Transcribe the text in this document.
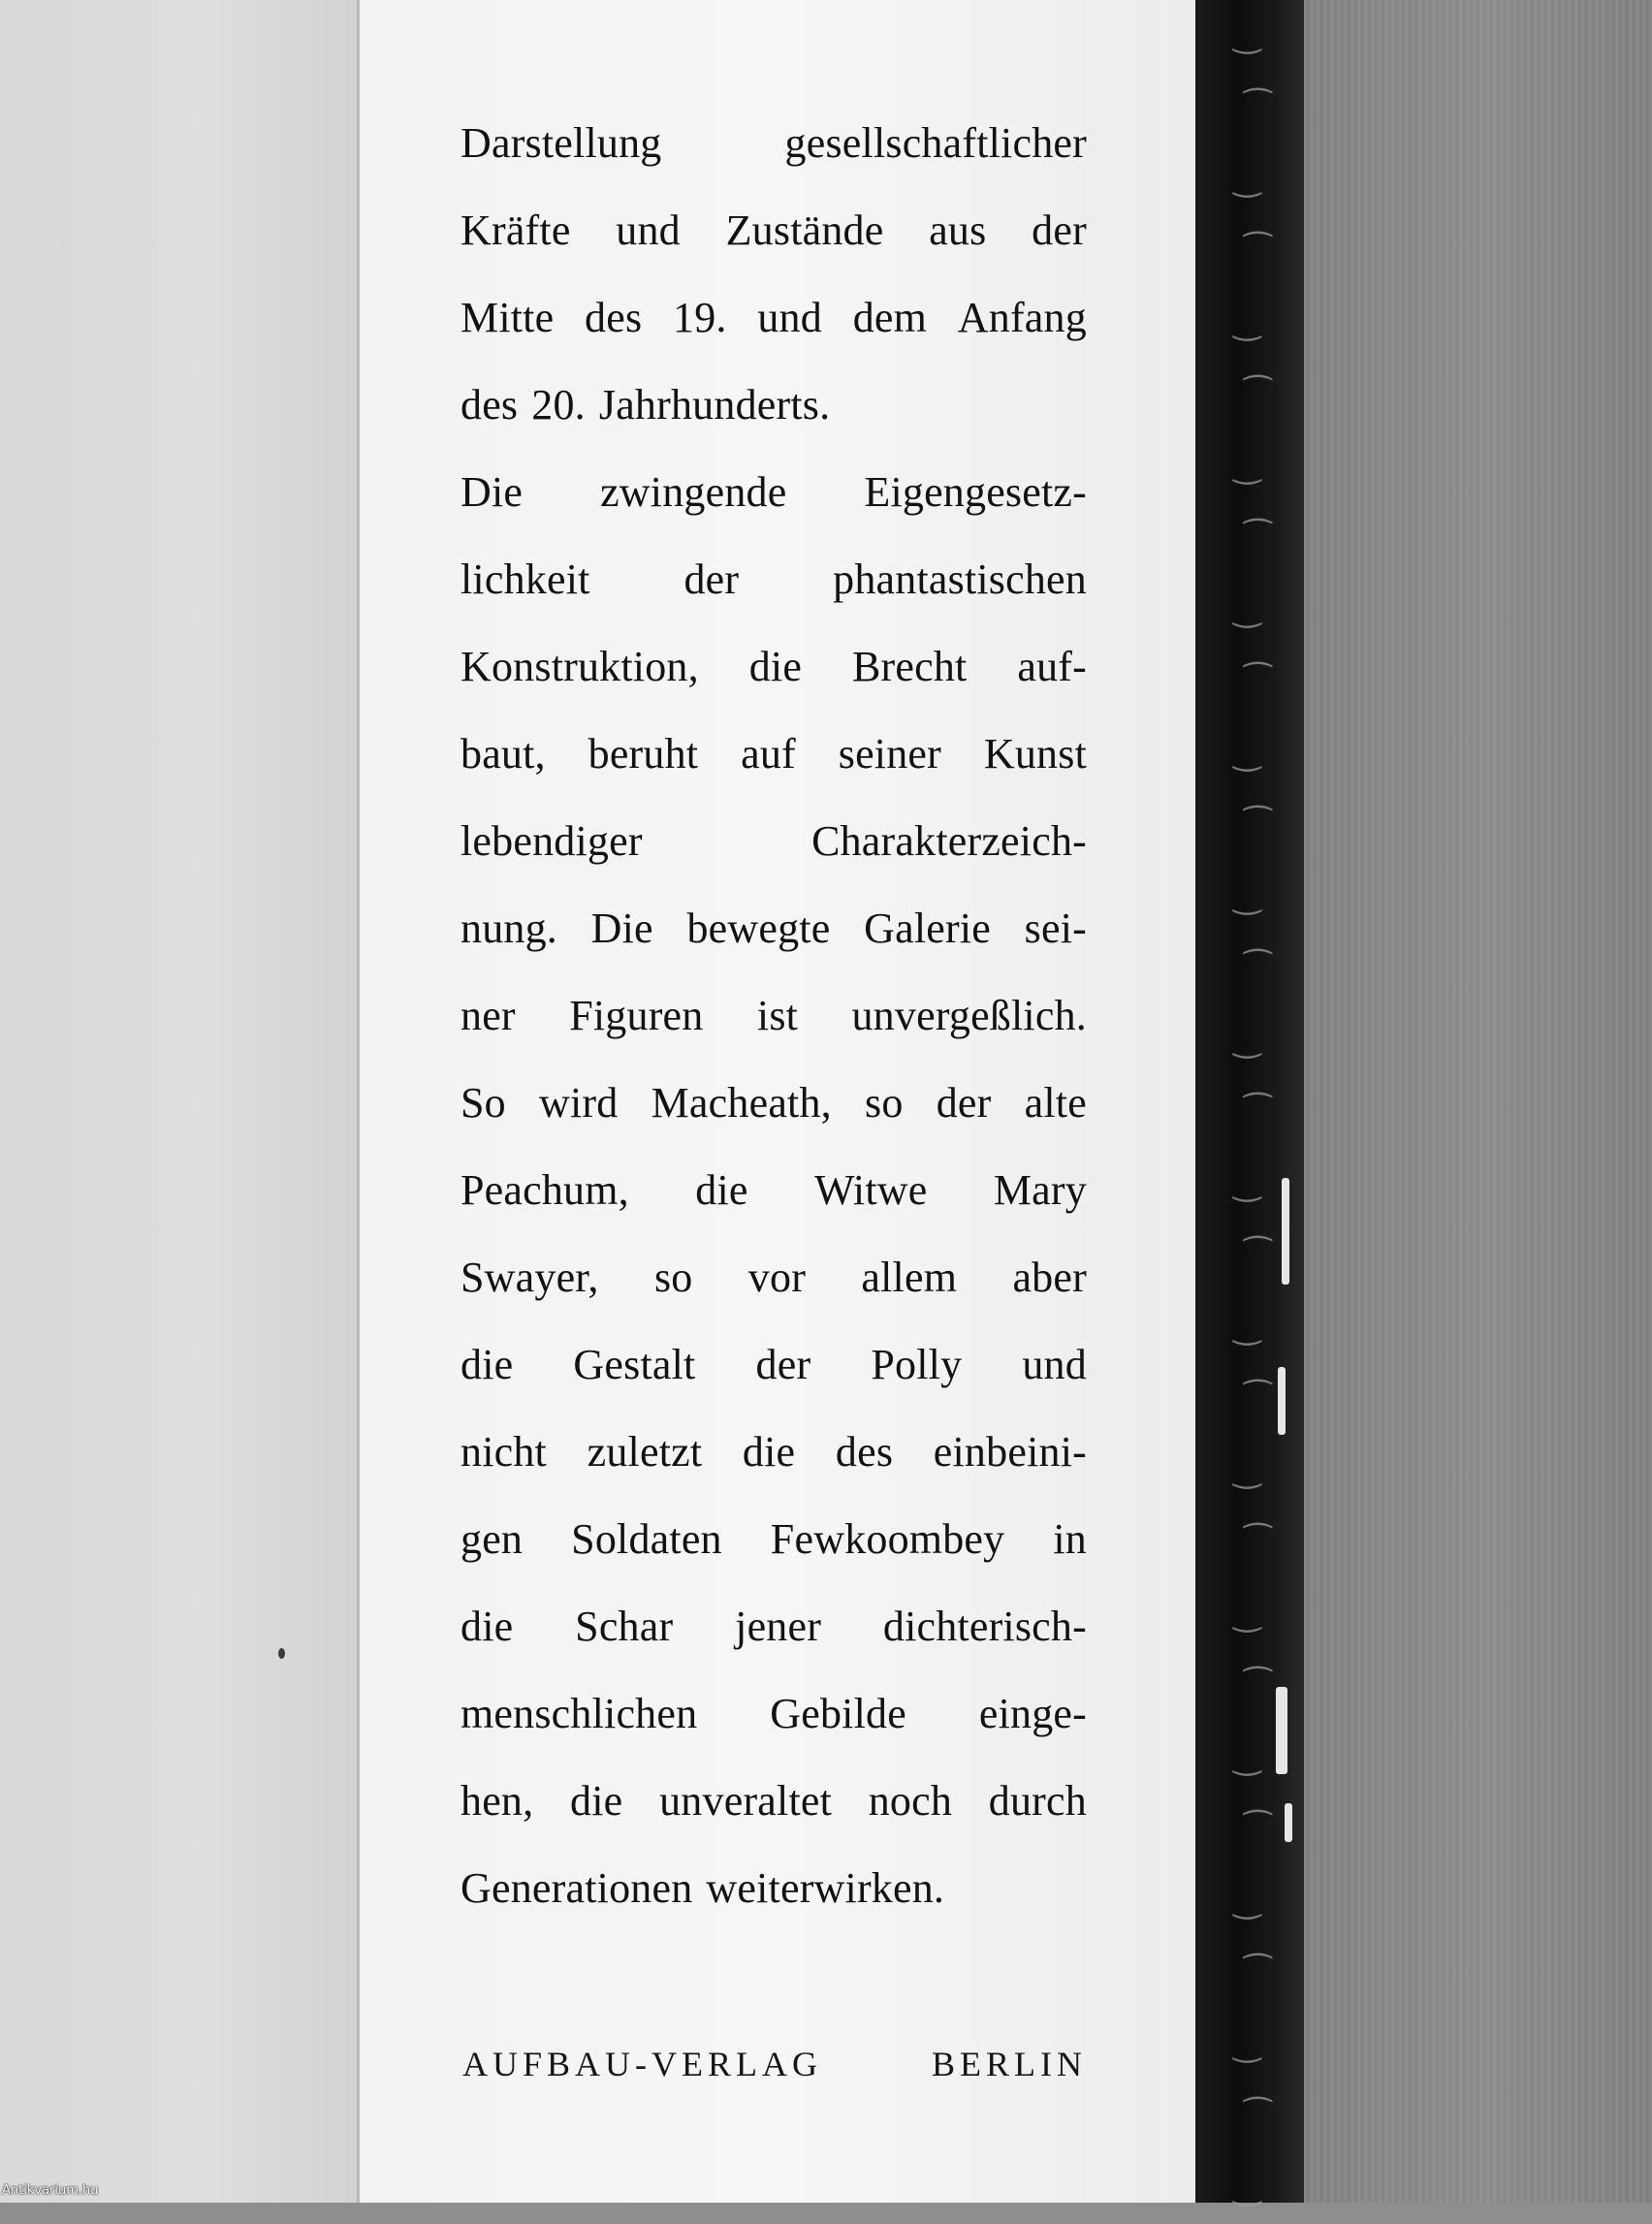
‿
⁀
‿
⁀
‿
⁀
‿
⁀
‿
⁀
‿
⁀
‿
⁀
‿
⁀
‿
⁀
‿
⁀
‿
⁀
‿
⁀
‿
⁀
‿
⁀
‿
⁀
‿

Darstellung	gesellschaftlicher
Kräfte und Zustände aus der
Mitte des 19. und dem Anfang
des 20. Jahrhunderts.
Die zwingende Eigengesetz-
lichkeit der phantastischen
Konstruktion, die Brecht auf-
baut, beruht auf seiner Kunst
lebendiger	Charakterzeich-
nung. Die bewegte Galerie sei-
ner Figuren ist unvergeßlich.
So wird Macheath, so der alte
Peachum, die Witwe Mary
Swayer, so vor allem aber
die Gestalt der Polly und
nicht zuletzt die des einbeini-
gen Soldaten Fewkoombey in
die Schar jener dichterisch-
menschlichen Gebilde einge-
hen, die unveraltet noch durch
Generationen weiterwirken.
AUFBAU-VERLAG	BERLIN
Antikvarium.hu
